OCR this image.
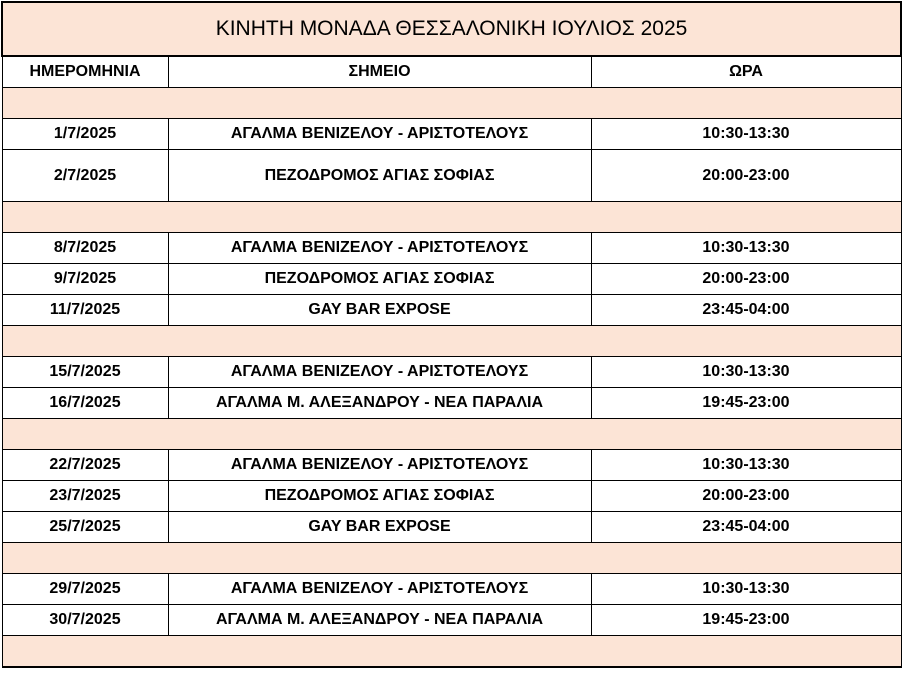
ΚΙΝΗΤΗ ΜΟΝΑΔΑ ΘΕΣΣΑΛΟΝΙΚΗ ΙΟΥΛΙΟΣ 2025		
ΗΜΕΡΟΜΗΝΙΑ	ΣΗΜΕΙΟ	ΩΡΑ

1/7/2025	ΑΓΑΛΜΑ ΒΕΝΙΖΕΛΟΥ - ΑΡΙΣΤΟΤΕΛΟΥΣ	10:30-13:30
2/7/2025	ΠΕΖΟΔΡΟΜΟΣ ΑΓΙΑΣ ΣΟΦΙΑΣ	20:00-23:00

8/7/2025	ΑΓΑΛΜΑ ΒΕΝΙΖΕΛΟΥ - ΑΡΙΣΤΟΤΕΛΟΥΣ	10:30-13:30
9/7/2025	ΠΕΖΟΔΡΟΜΟΣ ΑΓΙΑΣ ΣΟΦΙΑΣ	20:00-23:00
11/7/2025	GAY BAR EXPOSE	23:45-04:00

15/7/2025	ΑΓΑΛΜΑ ΒΕΝΙΖΕΛΟΥ - ΑΡΙΣΤΟΤΕΛΟΥΣ	10:30-13:30
16/7/2025	ΑΓΑΛΜΑ Μ. ΑΛΕΞΑΝΔΡΟΥ - ΝΕΑ ΠΑΡΑΛΙΑ	19:45-23:00

22/7/2025	ΑΓΑΛΜΑ ΒΕΝΙΖΕΛΟΥ - ΑΡΙΣΤΟΤΕΛΟΥΣ	10:30-13:30
23/7/2025	ΠΕΖΟΔΡΟΜΟΣ ΑΓΙΑΣ ΣΟΦΙΑΣ	20:00-23:00
25/7/2025	GAY BAR EXPOSE	23:45-04:00

29/7/2025	ΑΓΑΛΜΑ ΒΕΝΙΖΕΛΟΥ - ΑΡΙΣΤΟΤΕΛΟΥΣ	10:30-13:30
30/7/2025	ΑΓΑΛΜΑ Μ. ΑΛΕΞΑΝΔΡΟΥ - ΝΕΑ ΠΑΡΑΛΙΑ	19:45-23:00
